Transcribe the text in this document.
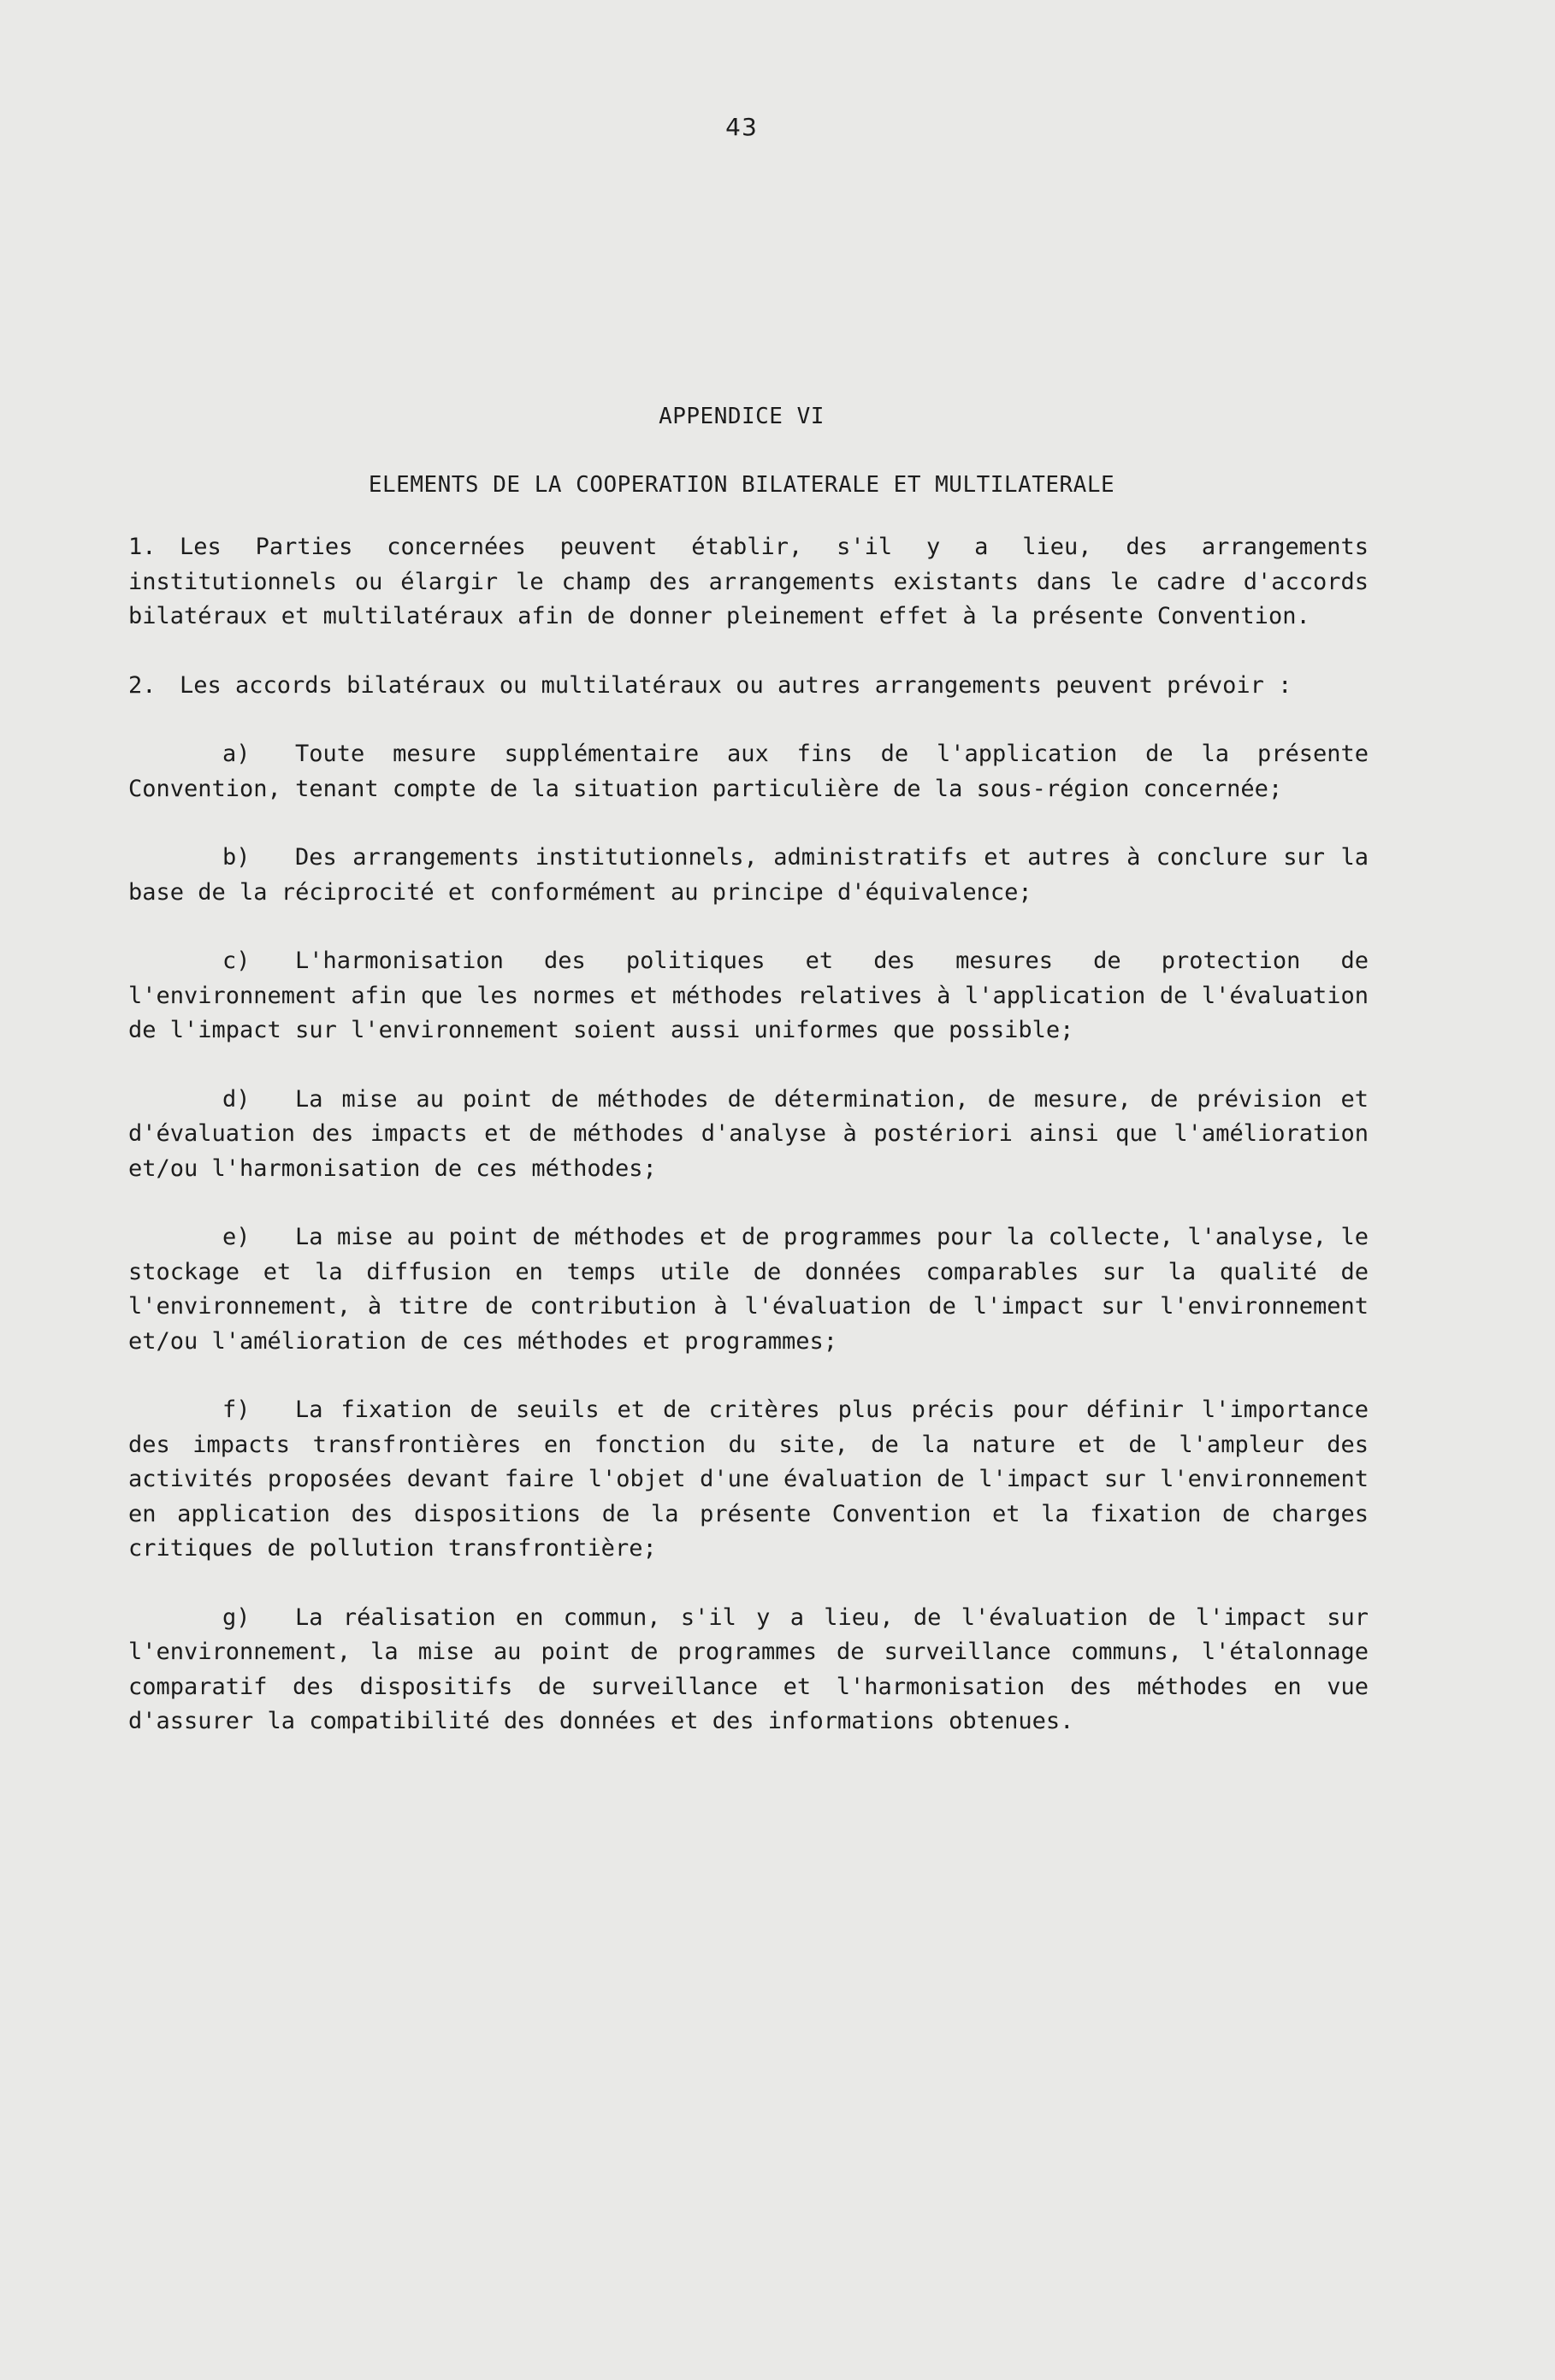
43
APPENDICE VI
ELEMENTS DE LA COOPERATION BILATERALE ET MULTILATERALE

1. Les Parties concernées peuvent établir, s'il y a lieu, des arrangements institutionnels ou élargir le champ des arrangements existants dans le cadre d'accords bilatéraux et multilatéraux afin de donner pleinement effet à la présente Convention.

2. Les accords bilatéraux ou multilatéraux ou autres arrangements peuvent prévoir :

a) Toute mesure supplémentaire aux fins de l'application de la présente Convention, tenant compte de la situation particulière de la sous-région concernée;

b) Des arrangements institutionnels, administratifs et autres à conclure sur la base de la réciprocité et conformément au principe d'équivalence;

c) L'harmonisation des politiques et des mesures de protection de l'environnement afin que les normes et méthodes relatives à l'application de l'évaluation de l'impact sur l'environnement soient aussi uniformes que possible;

d) La mise au point de méthodes de détermination, de mesure, de prévision et d'évaluation des impacts et de méthodes d'analyse à postériori ainsi que l'amélioration et/ou l'harmonisation de ces méthodes;

e) La mise au point de méthodes et de programmes pour la collecte, l'analyse, le stockage et la diffusion en temps utile de données comparables sur la qualité de l'environnement, à titre de contribution à l'évaluation de l'impact sur l'environnement et/ou l'amélioration de ces méthodes et programmes;

f) La fixation de seuils et de critères plus précis pour définir l'importance des impacts transfrontières en fonction du site, de la nature et de l'ampleur des activités proposées devant faire l'objet d'une évaluation de l'impact sur l'environnement en application des dispositions de la présente Convention et la fixation de charges critiques de pollution transfrontière;

g) La réalisation en commun, s'il y a lieu, de l'évaluation de l'impact sur l'environnement, la mise au point de programmes de surveillance communs, l'étalonnage comparatif des dispositifs de surveillance et l'harmonisation des méthodes en vue d'assurer la compatibilité des données et des informations obtenues.
